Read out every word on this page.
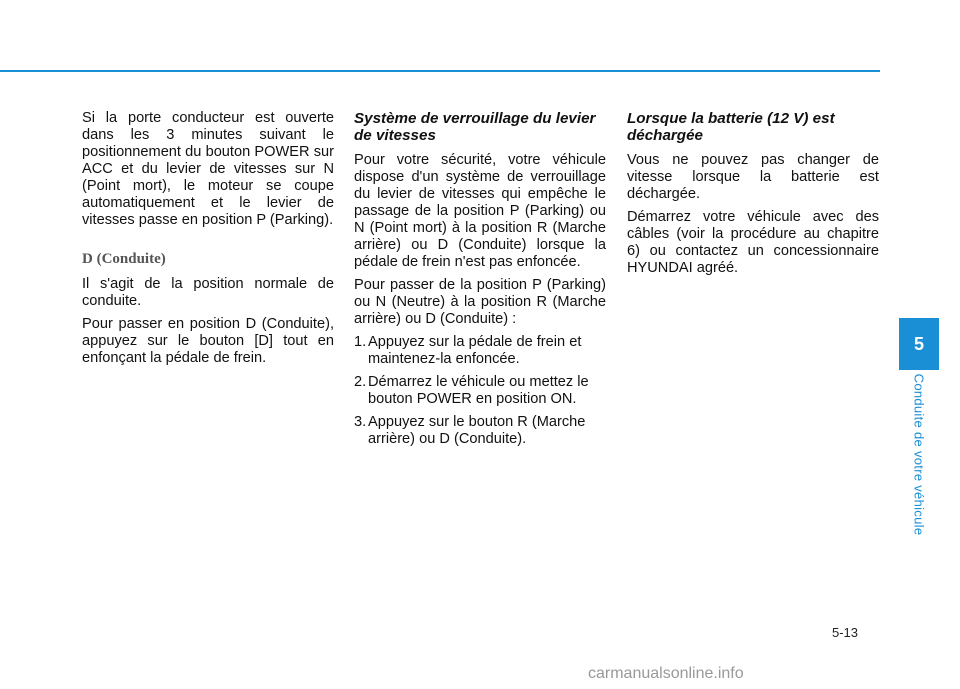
Si la porte conducteur est ouverte dans les 3 minutes suivant le positionnement du bouton POWER sur ACC et du levier de vitesses sur N (Point mort), le moteur se coupe automatiquement et le levier de vitesses passe en position P (Parking).

D (Conduite)

Il s'agit de la position normale de conduite.

Pour passer en position D (Conduite), appuyez sur le bouton [D] tout en enfonçant la pédale de frein.

Système de verrouillage du levier de vitesses

Pour votre sécurité, votre véhicule dispose d'un système de verrouillage du levier de vitesses qui empêche le passage de la position P (Parking) ou N (Point mort) à la position R (Marche arrière) ou D (Conduite) lorsque la pédale de frein n'est pas enfoncée.

Pour passer de la position P (Parking) ou N (Neutre) à la position R (Marche arrière) ou D (Conduite) :

1. Appuyez sur la pédale de frein et maintenez-la enfoncée.
2. Démarrez le véhicule ou mettez le bouton POWER en position ON.
3. Appuyez sur le bouton R (Marche arrière) ou D (Conduite).
Lorsque la batterie (12 V) est déchargée

Vous ne pouvez pas changer de vitesse lorsque la batterie est déchargée.

Démarrez votre véhicule avec des câbles (voir la procédure au chapitre 6) ou contactez un concessionnaire HYUNDAI agréé.

5
Conduite de votre véhicule
5-13
carmanualsonline.info
